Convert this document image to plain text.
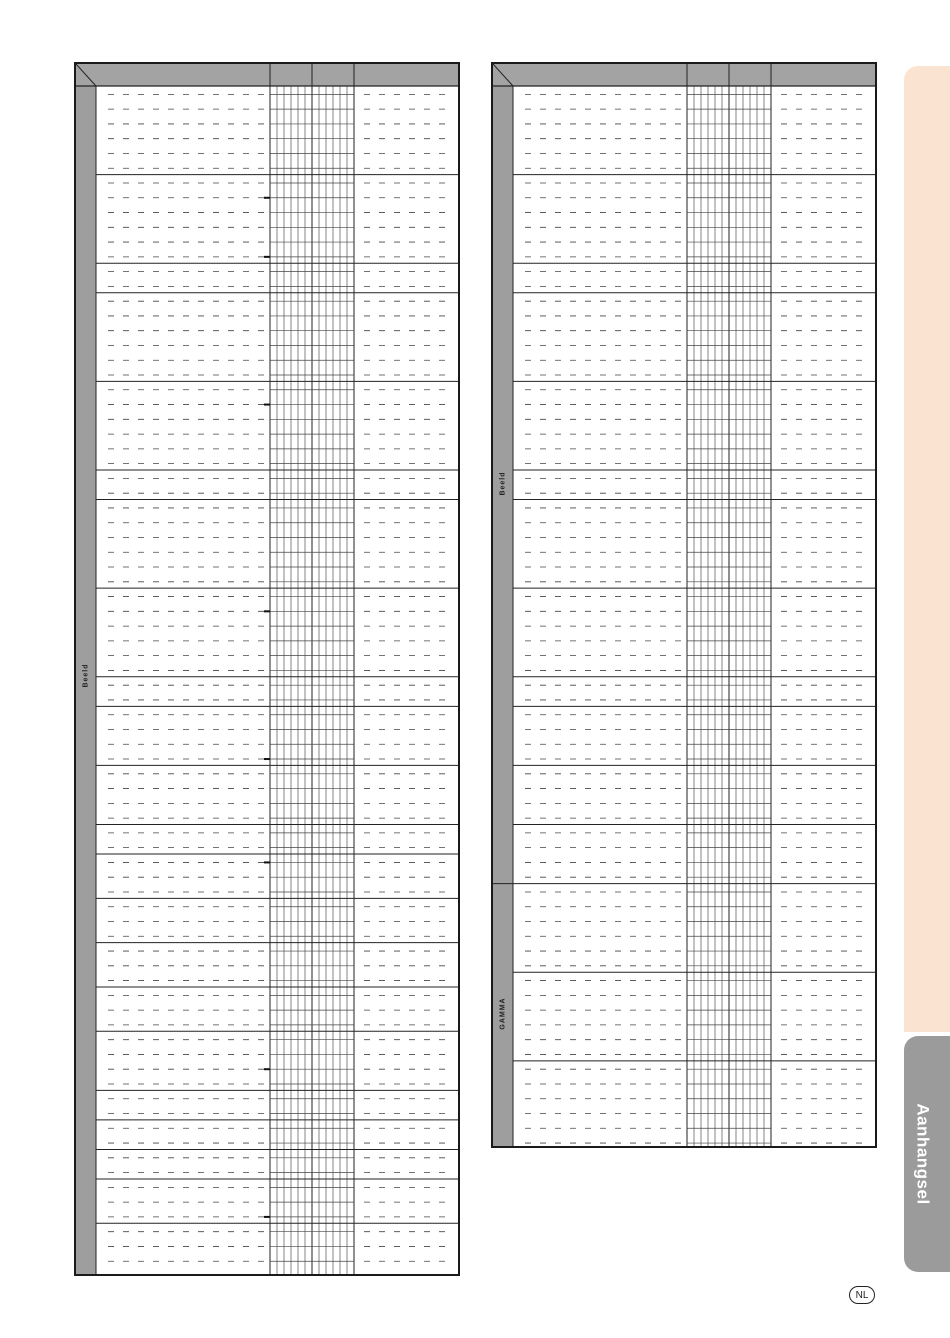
Beeld
Beeld
GAMMA
Aanhangsel
NL
